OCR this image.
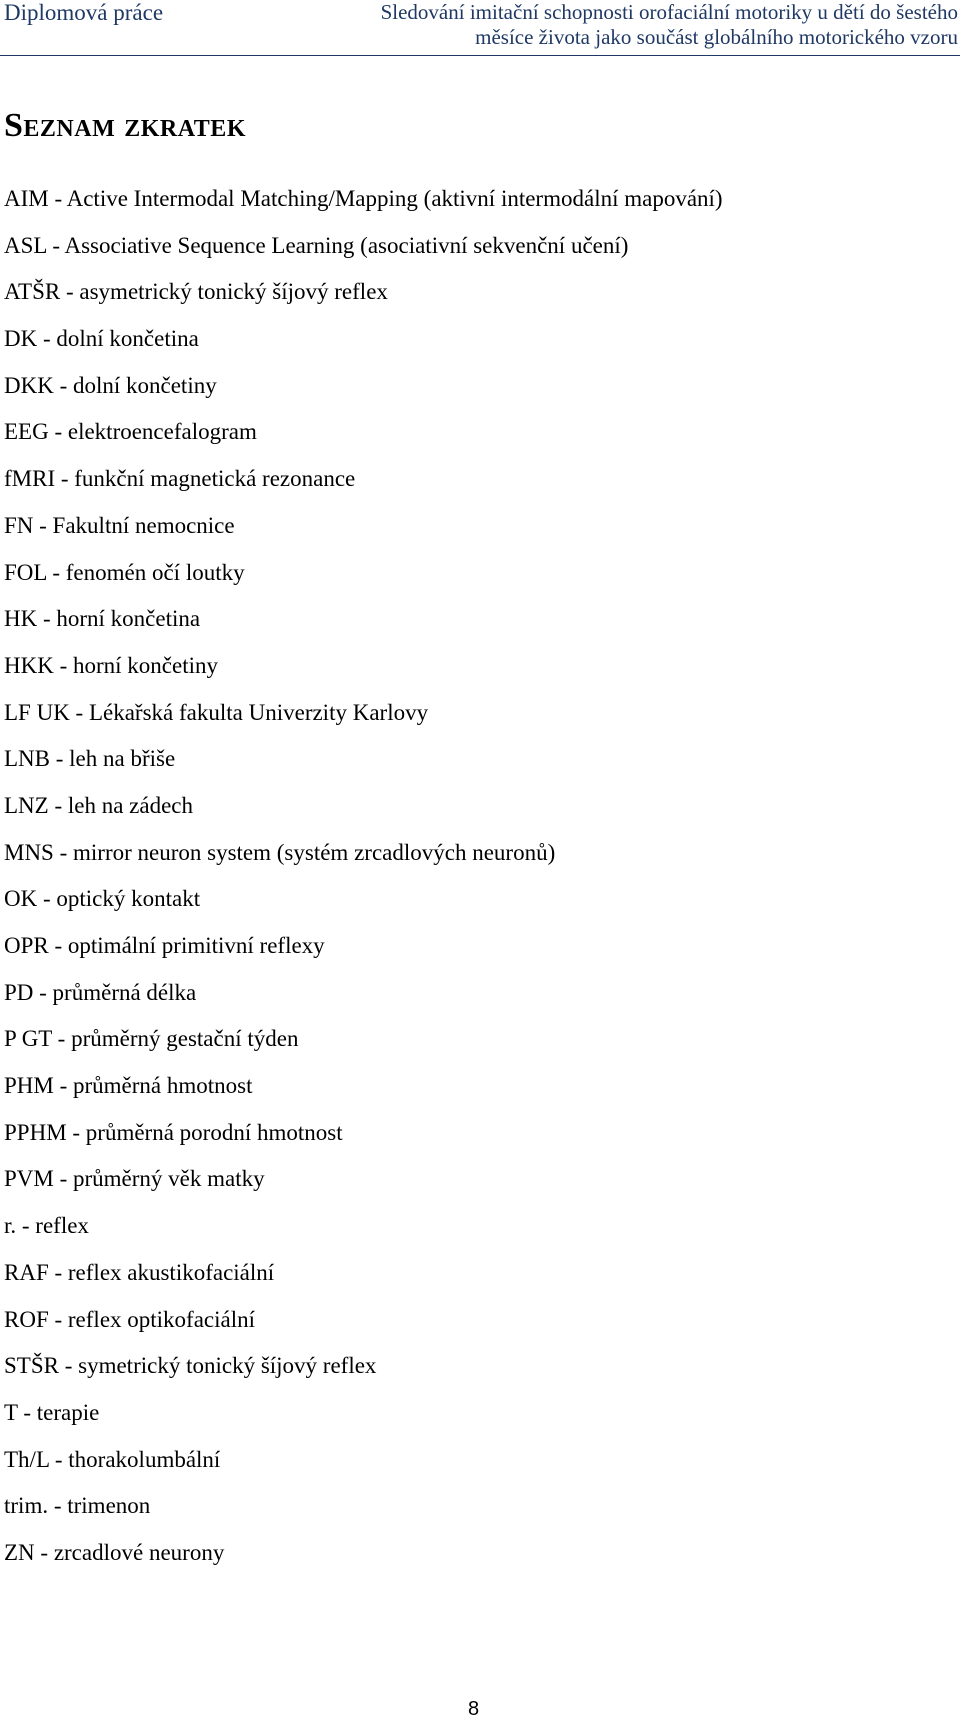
Diplomová práce	Sledování imitační schopnosti orofaciální motoriky u dětí do šestého
měsíce života jako součást globálního motorického vzoru
Seznam zkratek
AIM - Active Intermodal Matching/Mapping (aktivní intermodální mapování)
ASL - Associative Sequence Learning (asociativní sekvenční učení)
ATŠR - asymetrický tonický šíjový reflex
DK - dolní končetina
DKK - dolní končetiny
EEG - elektroencefalogram
fMRI - funkční magnetická rezonance
FN - Fakultní nemocnice
FOL - fenomén očí loutky
HK - horní končetina
HKK - horní končetiny
LF UK - Lékařská fakulta Univerzity Karlovy
LNB - leh na břiše
LNZ - leh na zádech
MNS - mirror neuron system (systém zrcadlových neuronů)
OK - optický kontakt
OPR - optimální primitivní reflexy
PD - průměrná délka
P GT - průměrný gestační týden
PHM - průměrná hmotnost
PPHM - průměrná porodní hmotnost
PVM - průměrný věk matky
r. - reflex
RAF - reflex akustikofaciální
ROF - reflex optikofaciální
STŠR - symetrický tonický šíjový reflex
T - terapie
Th/L - thorakolumbální
trim. - trimenon
ZN - zrcadlové neurony
8
